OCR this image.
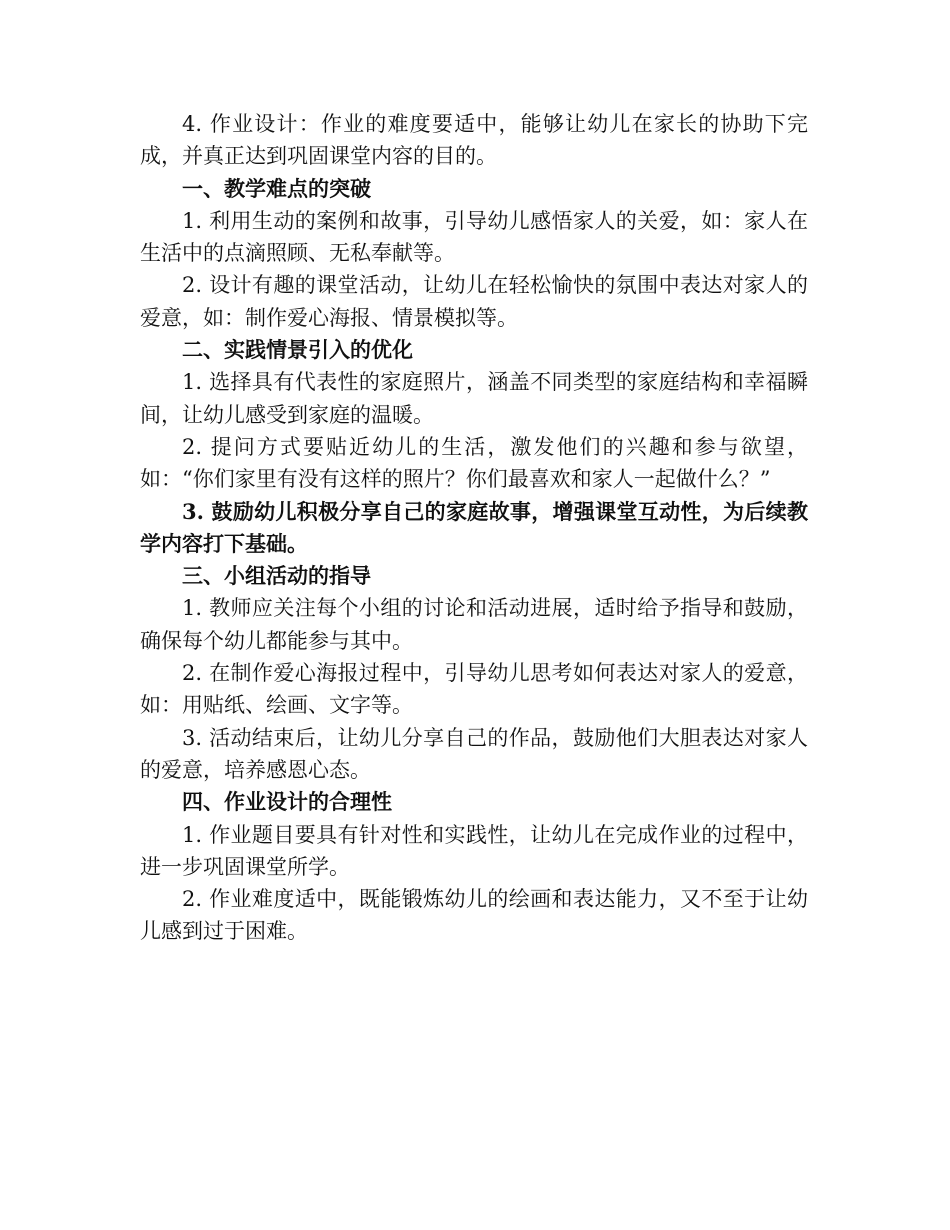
4. 作业设计：作业的难度要适中，能够让幼儿在家长的协助下完成，并真正达到巩固课堂内容的目的。

一、教学难点的突破

1. 利用生动的案例和故事，引导幼儿感悟家人的关爱，如：家人在生活中的点滴照顾、无私奉献等。

2. 设计有趣的课堂活动，让幼儿在轻松愉快的氛围中表达对家人的爱意，如：制作爱心海报、情景模拟等。

二、实践情景引入的优化

1. 选择具有代表性的家庭照片，涵盖不同类型的家庭结构和幸福瞬间，让幼儿感受到家庭的温暖。

2. 提问方式要贴近幼儿的生活，激发他们的兴趣和参与欲望，如：“你们家里有没有这样的照片？你们最喜欢和家人一起做什么？”

3. 鼓励幼儿积极分享自己的家庭故事，增强课堂互动性，为后续教学内容打下基础。

三、小组活动的指导

1. 教师应关注每个小组的讨论和活动进展，适时给予指导和鼓励，确保每个幼儿都能参与其中。

2. 在制作爱心海报过程中，引导幼儿思考如何表达对家人的爱意，如：用贴纸、绘画、文字等。

3. 活动结束后，让幼儿分享自己的作品，鼓励他们大胆表达对家人的爱意，培养感恩心态。

四、作业设计的合理性

1. 作业题目要具有针对性和实践性，让幼儿在完成作业的过程中，进一步巩固课堂所学。

2. 作业难度适中，既能锻炼幼儿的绘画和表达能力，又不至于让幼儿感到过于困难。
